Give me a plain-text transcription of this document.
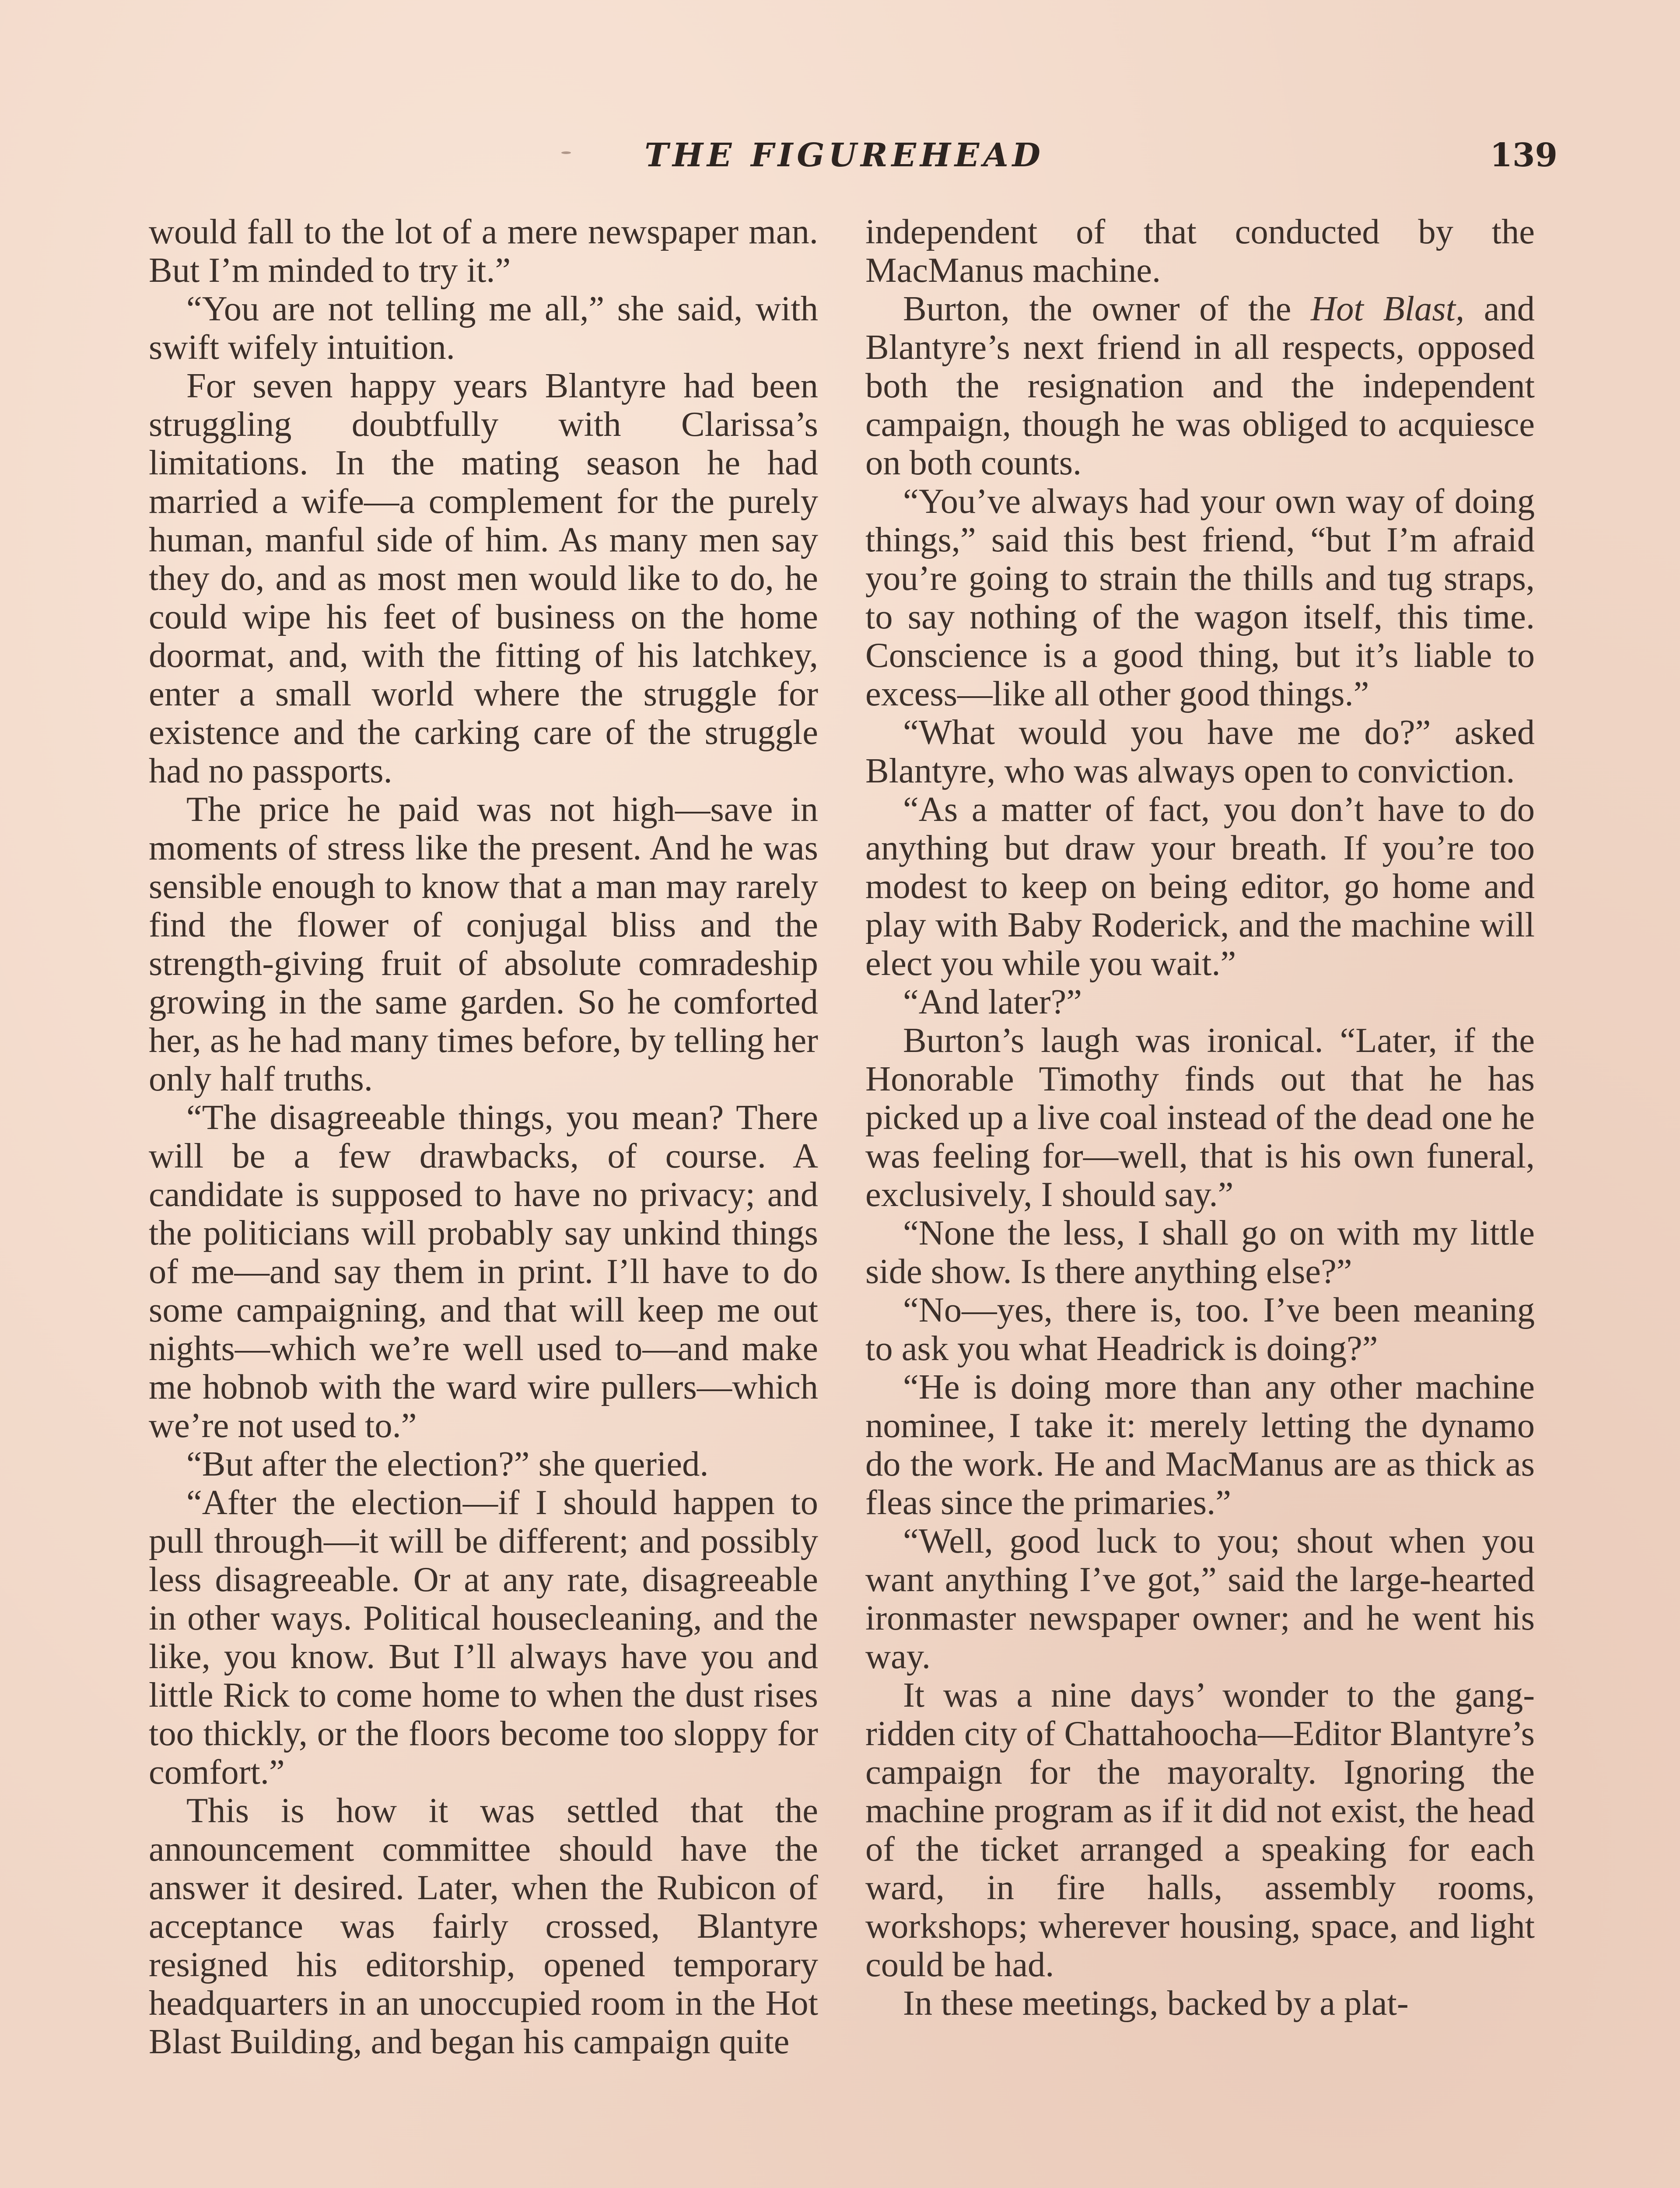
THE FIGUREHEAD	139

would fall to the lot of a mere newspaper man. But I’m minded to try it.”

“You are not telling me all,” she said, with swift wifely intuition.

For seven happy years Blantyre had been struggling doubtfully with Clarissa’s limitations. In the mating season he had married a wife—a complement for the purely human, manful side of him. As many men say they do, and as most men would like to do, he could wipe his feet of business on the home doormat, and, with the fitting of his latchkey, enter a small world where the struggle for existence and the carking care of the struggle had no passports.

The price he paid was not high—save in moments of stress like the present. And he was sensible enough to know that a man may rarely find the flower of conjugal bliss and the strength-giving fruit of absolute comradeship growing in the same garden. So he comforted her, as he had many times before, by telling her only half truths.

“The disagreeable things, you mean? There will be a few drawbacks, of course. A candidate is supposed to have no privacy; and the politicians will probably say unkind things of me—and say them in print. I’ll have to do some campaigning, and that will keep me out nights—which we’re well used to—and make me hobnob with the ward wire pullers—which we’re not used to.”

“But after the election?” she queried.

“After the election—if I should happen to pull through—it will be different; and possibly less disagreeable. Or at any rate, disagreeable in other ways. Political housecleaning, and the like, you know. But I’ll always have you and little Rick to come home to when the dust rises too thickly, or the floors become too sloppy for comfort.”

This is how it was settled that the announcement committee should have the answer it desired. Later, when the Rubicon of acceptance was fairly crossed, Blantyre resigned his editorship, opened temporary headquarters in an unoccupied room in the Hot Blast Building, and began his campaign quite

independent of that conducted by the MacManus machine.

Burton, the owner of the Hot Blast, and Blantyre’s next friend in all respects, opposed both the resignation and the independent campaign, though he was obliged to acquiesce on both counts.

“You’ve always had your own way of doing things,” said this best friend, “but I’m afraid you’re going to strain the thills and tug straps, to say nothing of the wagon itself, this time. Conscience is a good thing, but it’s liable to excess—like all other good things.”

“What would you have me do?” asked Blantyre, who was always open to conviction.

“As a matter of fact, you don’t have to do anything but draw your breath. If you’re too modest to keep on being editor, go home and play with Baby Roderick, and the machine will elect you while you wait.”

“And later?”

Burton’s laugh was ironical. “Later, if the Honorable Timothy finds out that he has picked up a live coal instead of the dead one he was feeling for—well, that is his own funeral, exclusively, I should say.”

“None the less, I shall go on with my little side show. Is there anything else?”

“No—yes, there is, too. I’ve been meaning to ask you what Headrick is doing?”

“He is doing more than any other machine nominee, I take it: merely letting the dynamo do the work. He and MacManus are as thick as fleas since the primaries.”

“Well, good luck to you; shout when you want anything I’ve got,” said the large-hearted ironmaster newspaper owner; and he went his way.

It was a nine days’ wonder to the gang-ridden city of Chattahoocha—Editor Blantyre’s campaign for the mayoralty. Ignoring the machine program as if it did not exist, the head of the ticket arranged a speaking for each ward, in fire halls, assembly rooms, workshops; wherever housing, space, and light could be had.

In these meetings, backed by a plat-
